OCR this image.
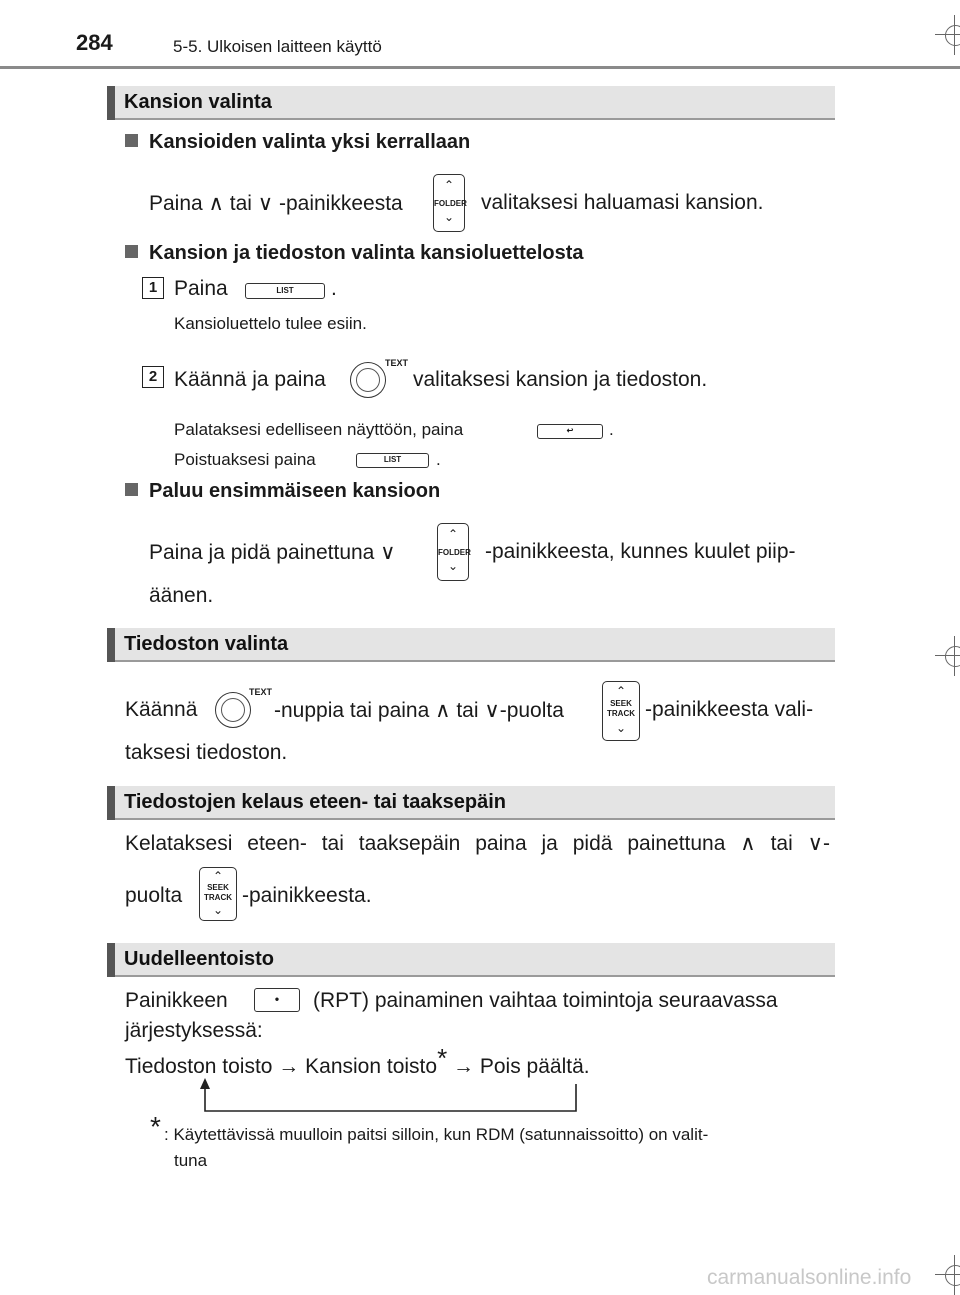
284	5-5. Ulkoisen laitteen käyttö
Kansion valinta
Kansioiden valinta yksi kerrallaan
Paina ∧ tai ∨ -painikkeesta
⌃
FOLDER
⌄
valitaksesi haluamasi kansion.
Kansion ja tiedoston valinta kansioluettelosta
1 Paina	LIST	.
Kansioluettelo tulee esiin.
2 Käännä ja paina
TEXT
valitaksesi kansion ja tiedoston.
Palataksesi edelliseen näyttöön, paina	↩	.
Poistuaksesi paina	LIST	.
Paluu ensimmäiseen kansioon
Paina ja pidä painettuna ∨
⌃
FOLDER
⌄
-painikkeesta, kunnes kuulet piip-
äänen.
Tiedoston valinta
Käännä
TEXT
-nuppia tai paina ∧ tai ∨-puolta
⌃
SEEK
TRACK
⌄
-painikkeesta vali-
taksesi tiedoston.
Tiedostojen kelaus eteen- tai taaksepäin
Kelataksesi eteen- tai taaksepäin paina ja pidä painettuna ∧ tai ∨-
puolta
⌃
SEEK
TRACK
⌄
-painikkeesta.
Uudelleentoisto
Painikkeen	•	(RPT) painaminen vaihtaa toimintoja seuraavassa
järjestyksessä:
Tiedoston toisto → Kansion toisto* → Pois päältä.
* : Käytettävissä muulloin paitsi silloin, kun RDM (satunnaissoitto) on valit-
tuna
carmanualsonline.info
